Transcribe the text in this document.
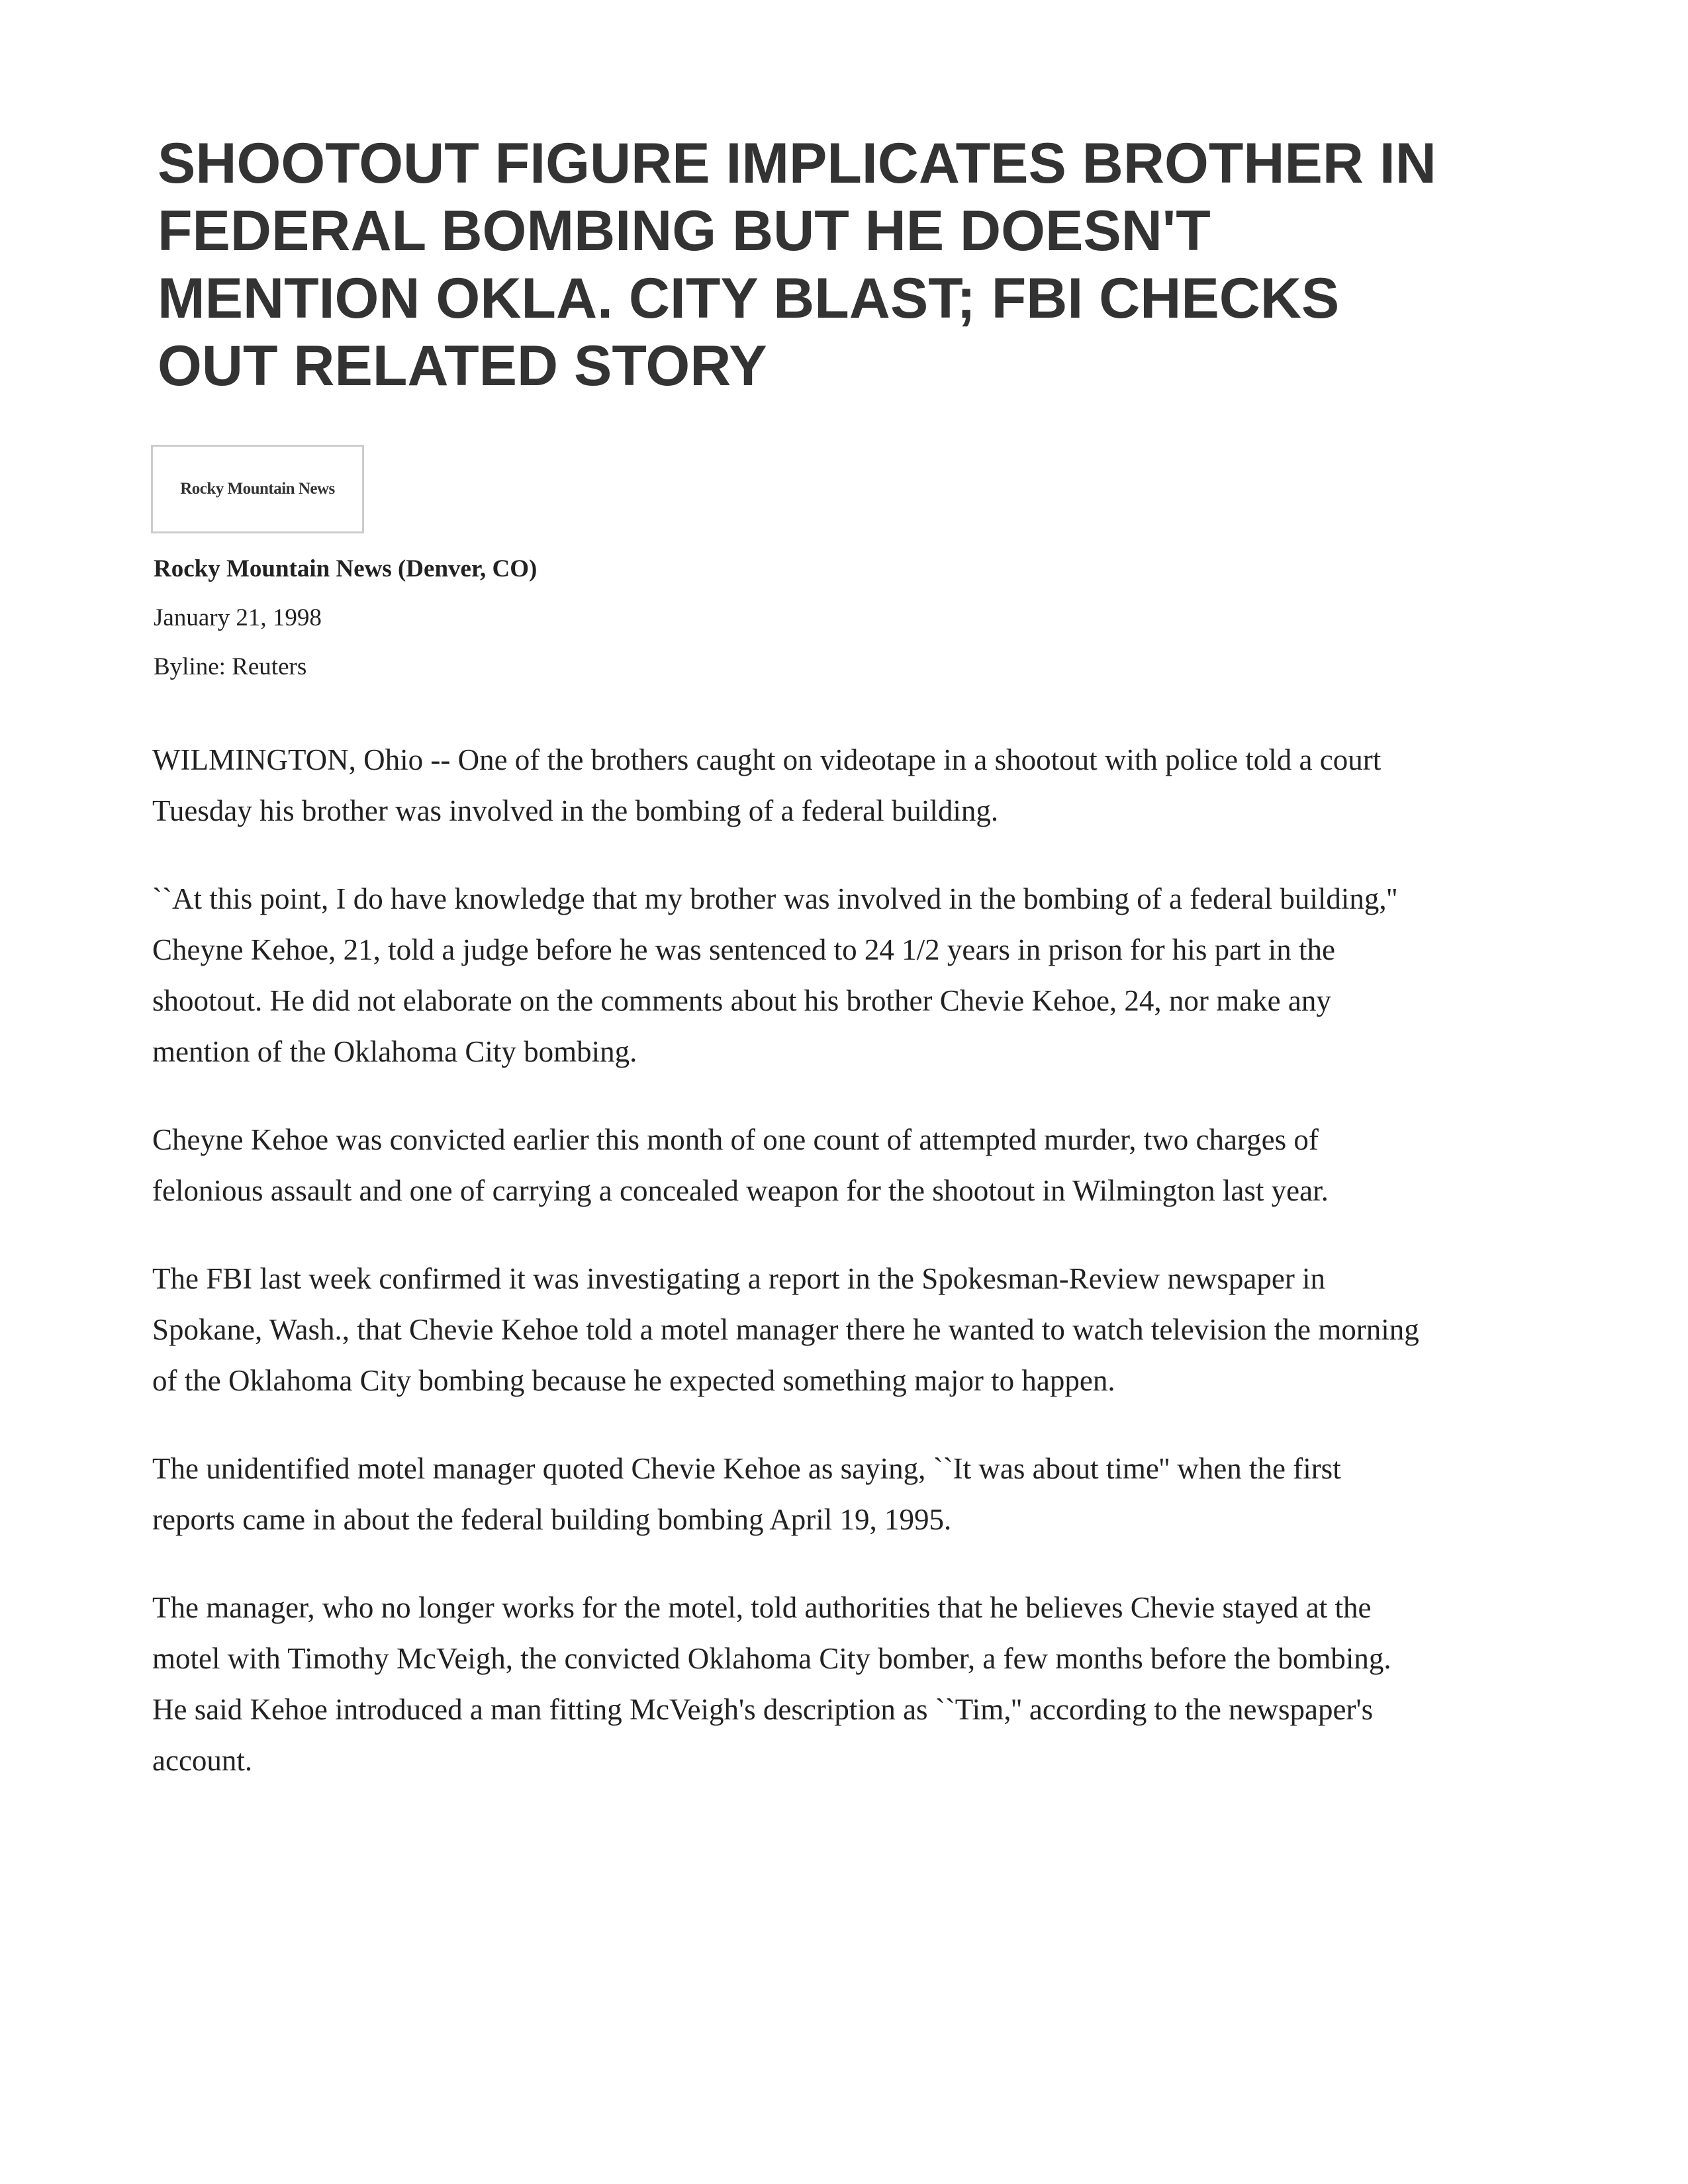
SHOOTOUT FIGURE IMPLICATES BROTHER IN FEDERAL BOMBING BUT HE DOESN'T MENTION OKLA. CITY BLAST; FBI CHECKS OUT RELATED STORY
Rocky Mountain News
Rocky Mountain News (Denver, CO)
January 21, 1998
Byline: Reuters

WILMINGTON, Ohio -- One of the brothers caught on videotape in a shootout with police told a court Tuesday his brother was involved in the bombing of a federal building.

``At this point, I do have knowledge that my brother was involved in the bombing of a federal building,'' Cheyne Kehoe, 21, told a judge before he was sentenced to 24 1/2 years in prison for his part in the shootout. He did not elaborate on the comments about his brother Chevie Kehoe, 24, nor make any mention of the Oklahoma City bombing.

Cheyne Kehoe was convicted earlier this month of one count of attempted murder, two charges of felonious assault and one of carrying a concealed weapon for the shootout in Wilmington last year.

The FBI last week confirmed it was investigating a report in the Spokesman-Review newspaper in Spokane, Wash., that Chevie Kehoe told a motel manager there he wanted to watch television the morning of the Oklahoma City bombing because he expected something major to happen.

The unidentified motel manager quoted Chevie Kehoe as saying, ``It was about time'' when the first reports came in about the federal building bombing April 19, 1995.

The manager, who no longer works for the motel, told authorities that he believes Chevie stayed at the motel with Timothy McVeigh, the convicted Oklahoma City bomber, a few months before the bombing. He said Kehoe introduced a man fitting McVeigh's description as ``Tim,'' according to the newspaper's account.
